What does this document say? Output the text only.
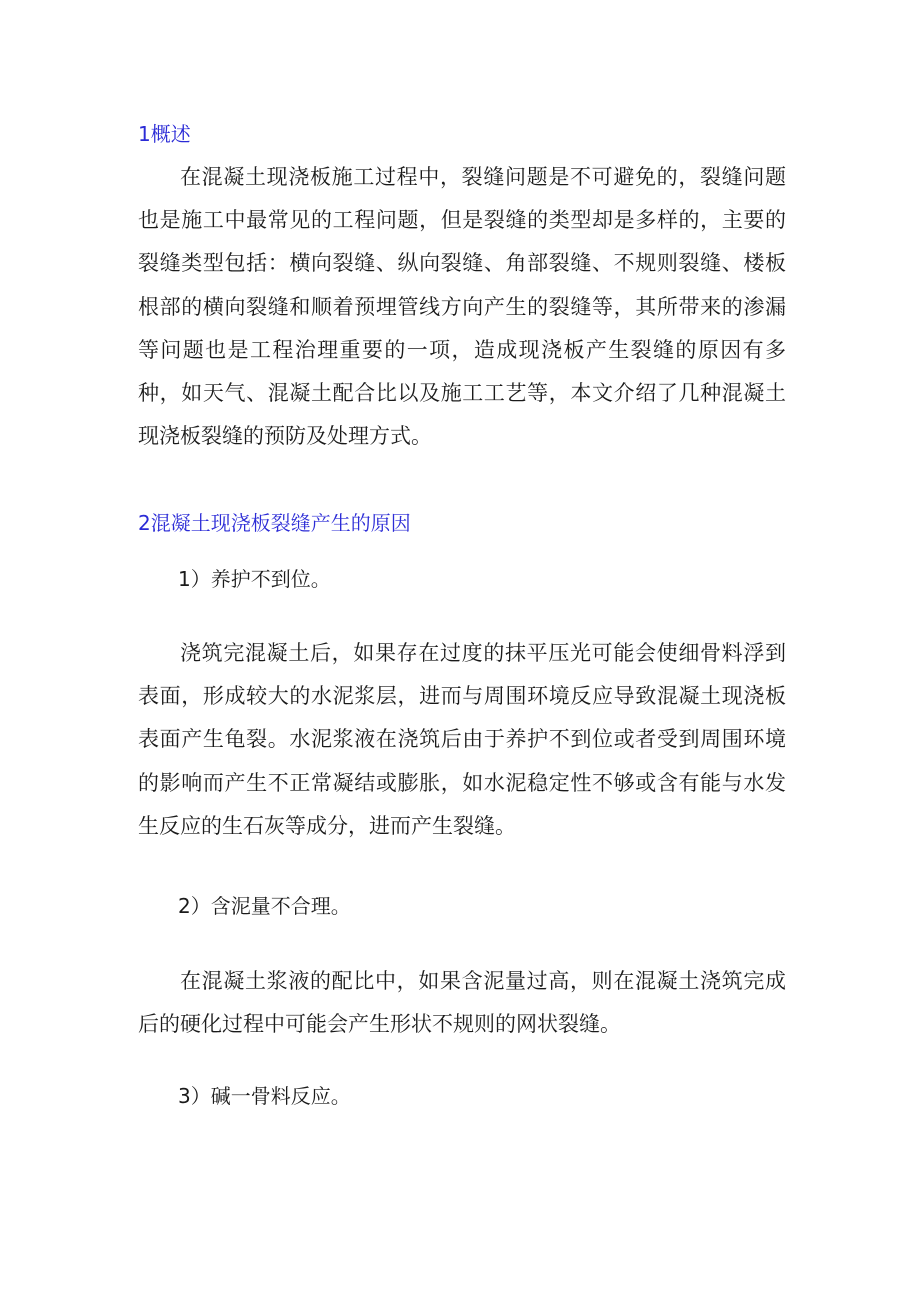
1概述

在混凝土现浇板施工过程中，裂缝问题是不可避免的，裂缝问题也是施工中最常见的工程问题，但是裂缝的类型却是多样的，主要的裂缝类型包括：横向裂缝、纵向裂缝、角部裂缝、不规则裂缝、楼板根部的横向裂缝和顺着预埋管线方向产生的裂缝等，其所带来的渗漏等问题也是工程治理重要的一项，造成现浇板产生裂缝的原因有多种，如天气、混凝土配合比以及施工工艺等，本文介绍了几种混凝土现浇板裂缝的预防及处理方式。

2混凝土现浇板裂缝产生的原因
1）养护不到位。

浇筑完混凝土后，如果存在过度的抹平压光可能会使细骨料浮到表面，形成较大的水泥浆层，进而与周围环境反应导致混凝土现浇板表面产生龟裂。水泥浆液在浇筑后由于养护不到位或者受到周围环境的影响而产生不正常凝结或膨胀，如水泥稳定性不够或含有能与水发生反应的生石灰等成分，进而产生裂缝。

2）含泥量不合理。

在混凝土浆液的配比中，如果含泥量过高，则在混凝土浇筑完成后的硬化过程中可能会产生形状不规则的网状裂缝。

3）碱一骨料反应。
